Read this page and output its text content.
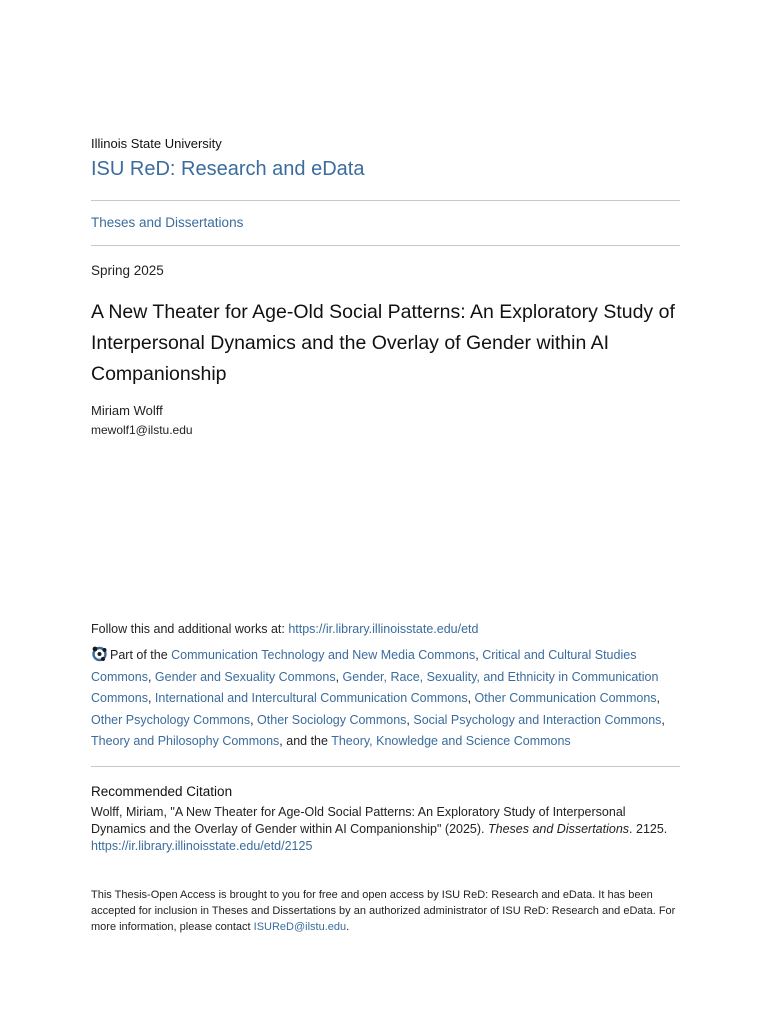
Illinois State University
ISU ReD: Research and eData
Theses and Dissertations
Spring 2025
A New Theater for Age-Old Social Patterns: An Exploratory Study of Interpersonal Dynamics and the Overlay of Gender within AI Companionship
Miriam Wolff
mewolf1@ilstu.edu
Follow this and additional works at: https://ir.library.illinoisstate.edu/etd
Part of the Communication Technology and New Media Commons, Critical and Cultural Studies Commons, Gender and Sexuality Commons, Gender, Race, Sexuality, and Ethnicity in Communication Commons, International and Intercultural Communication Commons, Other Communication Commons, Other Psychology Commons, Other Sociology Commons, Social Psychology and Interaction Commons, Theory and Philosophy Commons, and the Theory, Knowledge and Science Commons
Recommended Citation
Wolff, Miriam, "A New Theater for Age-Old Social Patterns: An Exploratory Study of Interpersonal Dynamics and the Overlay of Gender within AI Companionship" (2025). Theses and Dissertations. 2125.
https://ir.library.illinoisstate.edu/etd/2125
This Thesis-Open Access is brought to you for free and open access by ISU ReD: Research and eData. It has been accepted for inclusion in Theses and Dissertations by an authorized administrator of ISU ReD: Research and eData. For more information, please contact ISUReD@ilstu.edu.
